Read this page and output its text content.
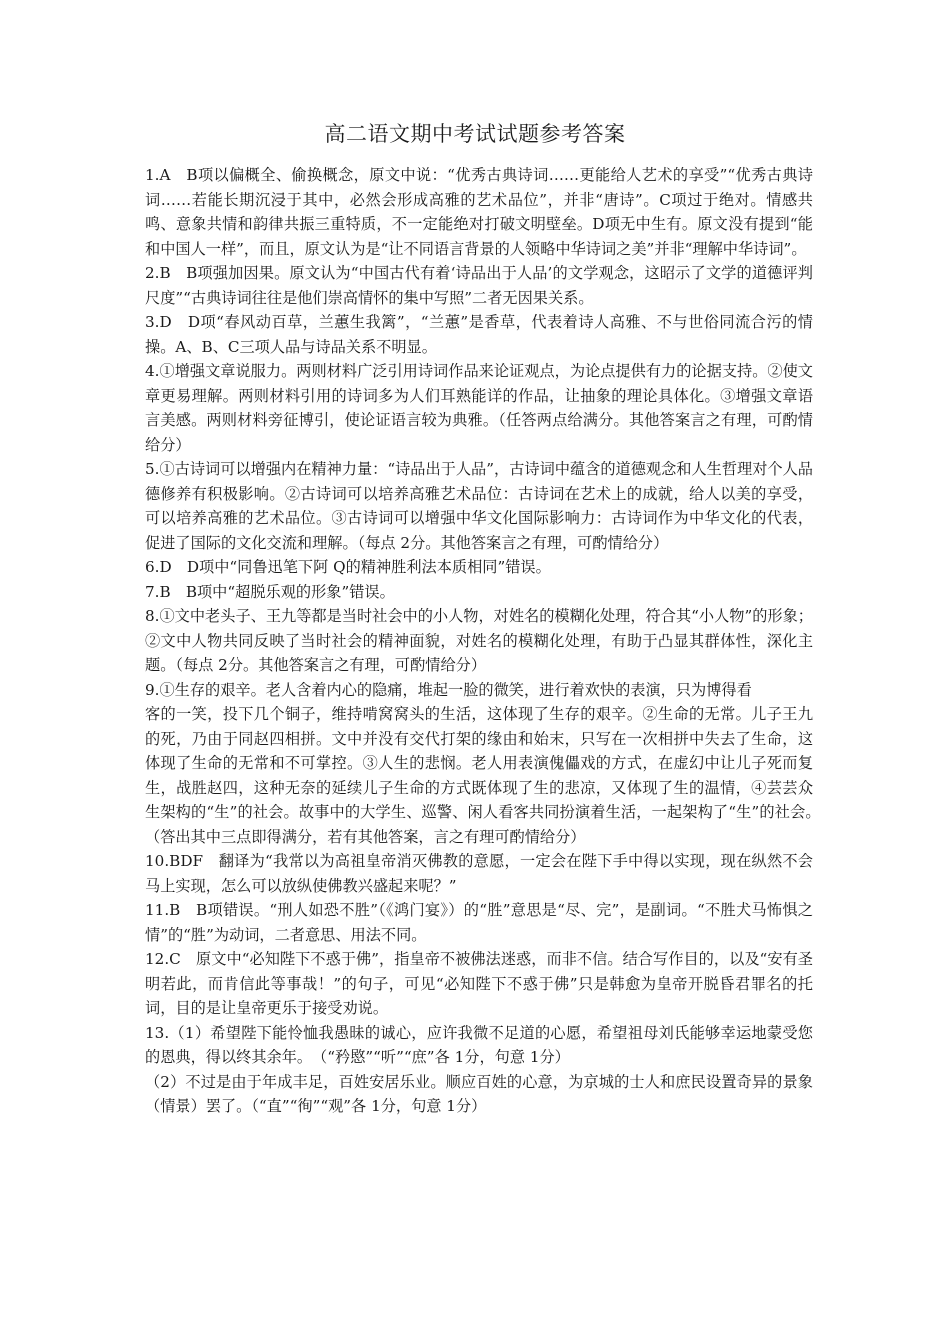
高二语文期中考试试题参考答案

1.A　B项以偏概全、偷换概念，原文中说：“优秀古典诗词……更能给人艺术的享受”“优秀古典诗词……若能长期沉浸于其中，必然会形成高雅的艺术品位”，并非“唐诗”。C项过于绝对。情感共鸣、意象共情和韵律共振三重特质，不一定能绝对打破文明壁垒。D项无中生有。原文没有提到“能和中国人一样”，而且，原文认为是“让不同语言背景的人领略中华诗词之美”并非“理解中华诗词”。

2.B　B项强加因果。原文认为“中国古代有着‘诗品出于人品’的文学观念，这昭示了文学的道德评判尺度”“古典诗词往往是他们崇高情怀的集中写照”二者无因果关系。

3.D　D项“春风动百草，兰蕙生我篱”，“兰蕙”是香草，代表着诗人高雅、不与世俗同流合污的情操。A、B、C三项人品与诗品关系不明显。

4.①增强文章说服力。两则材料广泛引用诗词作品来论证观点，为论点提供有力的论据支持。②使文章更易理解。两则材料引用的诗词多为人们耳熟能详的作品，让抽象的理论具体化。③增强文章语言美感。两则材料旁征博引，使论证语言较为典雅。（任答两点给满分。其他答案言之有理，可酌情给分）

5.①古诗词可以增强内在精神力量：“诗品出于人品”，古诗词中蕴含的道德观念和人生哲理对个人品德修养有积极影响。②古诗词可以培养高雅艺术品位：古诗词在艺术上的成就，给人以美的享受，可以培养高雅的艺术品位。③古诗词可以增强中华文化国际影响力：古诗词作为中华文化的代表，促进了国际的文化交流和理解。（每点 2分。其他答案言之有理，可酌情给分）

6.D　D项中“同鲁迅笔下阿 Q的精神胜利法本质相同”错误。

7.B　B项中“超脱乐观的形象”错误。

8.①文中老头子、王九等都是当时社会中的小人物，对姓名的模糊化处理，符合其“小人物”的形象；②文中人物共同反映了当时社会的精神面貌，对姓名的模糊化处理，有助于凸显其群体性，深化主题。（每点 2分。其他答案言之有理，可酌情给分）

9.①生存的艰辛。老人含着内心的隐痛，堆起一脸的微笑，进行着欢快的表演，只为博得看

客的一笑，投下几个铜子，维持啃窝窝头的生活，这体现了生存的艰辛。②生命的无常。儿子王九的死，乃由于同赵四相拼。文中并没有交代打架的缘由和始末，只写在一次相拼中失去了生命，这体现了生命的无常和不可掌控。③人生的悲悯。老人用表演傀儡戏的方式，在虚幻中让儿子死而复生，战胜赵四，这种无奈的延续儿子生命的方式既体现了生的悲凉，又体现了生的温情，④芸芸众生架构的“生”的社会。故事中的大学生、巡警、闲人看客共同扮演着生活，一起架构了“生”的社会。　（答出其中三点即得满分，若有其他答案，言之有理可酌情给分）

10.BDF　翻译为“我常以为高祖皇帝消灭佛教的意愿，一定会在陛下手中得以实现，现在纵然不会马上实现，怎么可以放纵使佛教兴盛起来呢？”

11.B　B项错误。“刑人如恐不胜”（《鸿门宴》）的“胜”意思是“尽、完”，是副词。“不胜犬马怖惧之情”的“胜”为动词，二者意思、用法不同。

12.C　原文中“必知陛下不惑于佛”，指皇帝不被佛法迷惑，而非不信。结合写作目的，以及“安有圣明若此，而肯信此等事哉！”的句子，可见“必知陛下不惑于佛”只是韩愈为皇帝开脱昏君罪名的托词，目的是让皇帝更乐于接受劝说。

13.（1）希望陛下能怜恤我愚昧的诚心，应许我微不足道的心愿，希望祖母刘氏能够幸运地蒙受您的恩典，得以终其余年。　（“矜愍”“听”“庶”各 1分，句意 1分）

（2）不过是由于年成丰足，百姓安居乐业。顺应百姓的心意，为京城的士人和庶民设置奇异的景象（情景）罢了。（“直”“徇”“观”各 1分，句意 1分）
